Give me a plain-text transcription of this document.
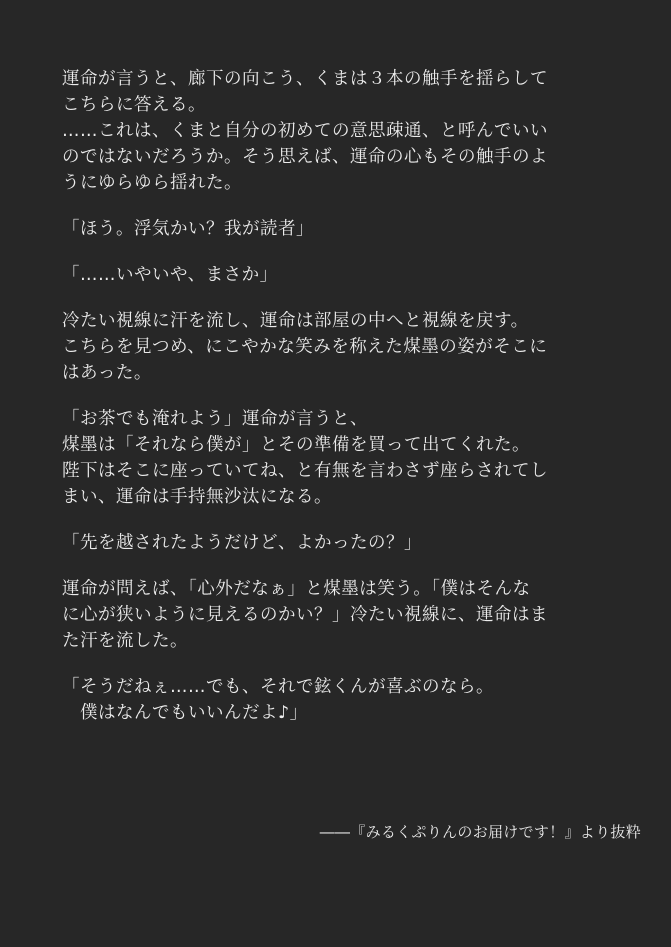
運命が言うと、廊下の向こう、くまは３本の触手を揺らして
こちらに答える。
……これは、くまと自分の初めての意思疎通、と呼んでいい
のではないだろうか。そう思えば、運命の心もその触手のよ
うにゆらゆら揺れた。
「ほう。浮気かい？我が読者」
「……いやいや、まさか」
冷たい視線に汗を流し、運命は部屋の中へと視線を戻す。
こちらを見つめ、にこやかな笑みを称えた煤墨の姿がそこに
はあった。
「お茶でも淹れよう」運命が言うと、
煤墨は「それなら僕が」とその準備を買って出てくれた。
陛下はそこに座っていてね、と有無を言わさず座らされてし
まい、運命は手持無沙汰になる。
「先を越されたようだけど、よかったの？」
運命が問えば、「心外だなぁ」と煤墨は笑う。「僕はそんな
に心が狭いように見えるのかい？」冷たい視線に、運命はま
た汗を流した。
「そうだねぇ……でも、それで鉉くんが喜ぶのなら。
　僕はなんでもいいんだよ♪」
――『みるくぷりんのお届けです！』より抜粋
